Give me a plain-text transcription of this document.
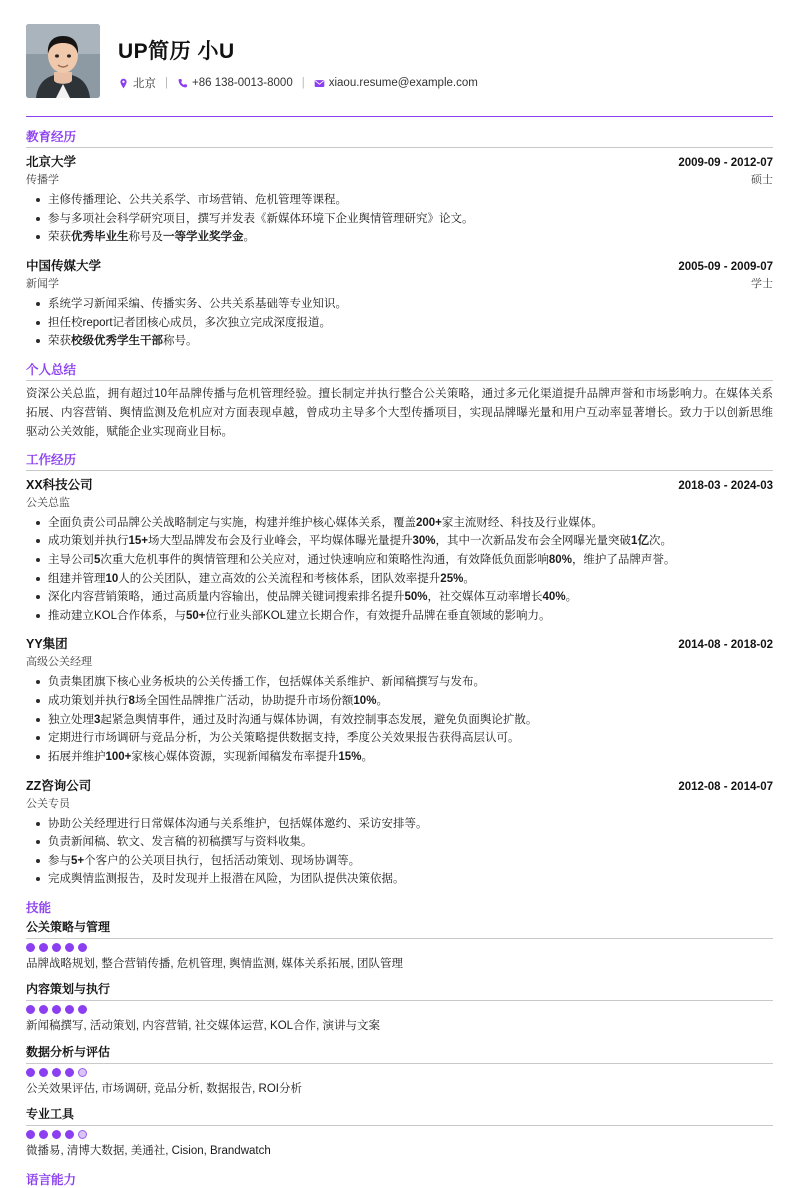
UP简历 小U
北京 | +86 138-0013-8000 | xiaou.resume@example.com
教育经历
北京大学	2009-09 - 2012-07
传播学	硕士
主修传播理论、公共关系学、市场营销、危机管理等课程。
参与多项社会科学研究项目，撰写并发表《新媒体环境下企业舆情管理研究》论文。
荣获优秀毕业生称号及一等学业奖学金。
中国传媒大学	2005-09 - 2009-07
新闻学	学士
系统学习新闻采编、传播实务、公共关系基础等专业知识。
担任校report记者团核心成员，多次独立完成深度报道。
荣获校级优秀学生干部称号。
个人总结
资深公关总监，拥有超过10年品牌传播与危机管理经验。擅长制定并执行整合公关策略，通过多元化渠道提升品牌声誉和市场影响力。在媒体关系拓展、内容营销、舆情监测及危机应对方面表现卓越，曾成功主导多个大型传播项目，实现品牌曝光量和用户互动率显著增长。致力于以创新思维驱动公关效能，赋能企业实现商业目标。
工作经历
XX科技公司	2018-03 - 2024-03
公关总监
全面负责公司品牌公关战略制定与实施，构建并维护核心媒体关系，覆盖200+家主流财经、科技及行业媒体。
成功策划并执行15+场大型品牌发布会及行业峰会，平均媒体曝光量提升30%，其中一次新品发布会全网曝光量突破1亿次。
主导公司5次重大危机事件的舆情管理和公关应对，通过快速响应和策略性沟通，有效降低负面影响80%，维护了品牌声誉。
组建并管理10人的公关团队，建立高效的公关流程和考核体系，团队效率提升25%。
深化内容营销策略，通过高质量内容输出，使品牌关键词搜索排名提升50%，社交媒体互动率增长40%。
推动建立KOL合作体系，与50+位行业头部KOL建立长期合作，有效提升品牌在垂直领域的影响力。
YY集团	2014-08 - 2018-02
高级公关经理
负责集团旗下核心业务板块的公关传播工作，包括媒体关系维护、新闻稿撰写与发布。
成功策划并执行8场全国性品牌推广活动，协助提升市场份额10%。
独立处理3起紧急舆情事件，通过及时沟通与媒体协调，有效控制事态发展，避免负面舆论扩散。
定期进行市场调研与竞品分析，为公关策略提供数据支持，季度公关效果报告获得高层认可。
拓展并维护100+家核心媒体资源，实现新闻稿发布率提升15%。
ZZ咨询公司	2012-08 - 2014-07
公关专员
协助公关经理进行日常媒体沟通与关系维护，包括媒体邀约、采访安排等。
负责新闻稿、软文、发言稿的初稿撰写与资料收集。
参与5+个客户的公关项目执行，包括活动策划、现场协调等。
完成舆情监测报告，及时发现并上报潜在风险，为团队提供决策依据。
技能
公关策略与管理
品牌战略规划, 整合营销传播, 危机管理, 舆情监测, 媒体关系拓展, 团队管理
内容策划与执行
新闻稿撰写, 活动策划, 内容营销, 社交媒体运营, KOL合作, 演讲与文案
数据分析与评估
公关效果评估, 市场调研, 竞品分析, 数据报告, ROI分析
专业工具
微播易, 清博大数据, 美通社, Cision, Brandwatch
语言能力
